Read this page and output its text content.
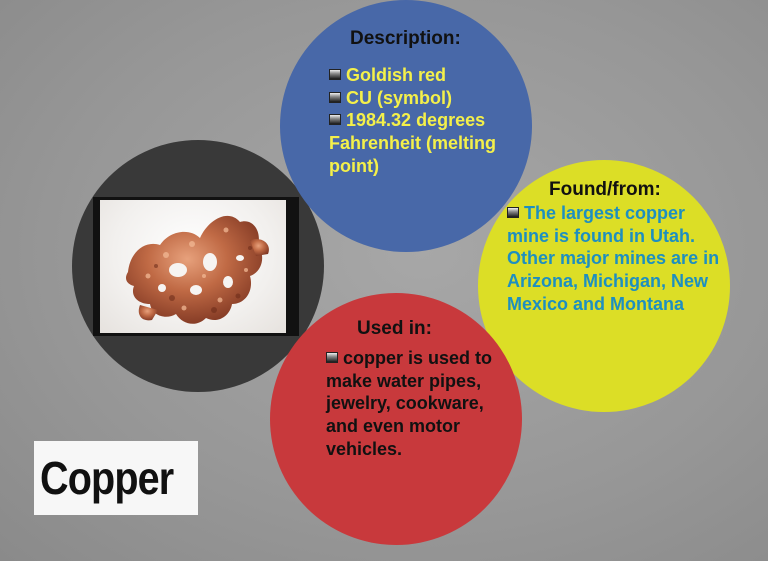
Description:
Goldish red
CU (symbol)
1984.32 degrees Fahrenheit (melting point)
Found/from:
The largest copper mine is found in Utah. Other major mines are in Arizona, Michigan, New Mexico and Montana
Used in:
copper is used to make water pipes, jewelry, cookware, and even motor vehicles.
Copper
